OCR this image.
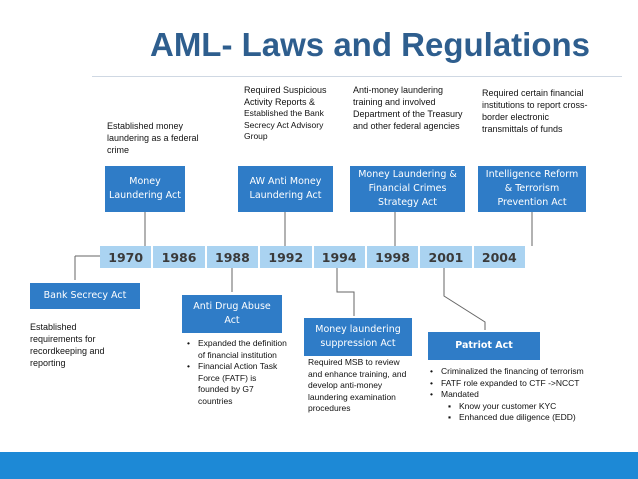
AML- Laws and Regulations
Money Laundering Act
AW Anti Money Laundering Act
Money Laundering & Financial Crimes Strategy Act
Intelligence Reform & Terrorism Prevention Act
Established money laundering as a federal crime
Required Suspicious Activity Reports &
Established the Bank Secrecy Act Advisory Group
Anti-money laundering training and involved Department of the Treasury and other federal agencies
Required certain financial institutions to report cross-border electronic transmittals of funds
1970	1986	1988	1992	1994	1998	2001	2004
Bank Secrecy Act
Anti Drug Abuse Act
Money laundering suppression Act	Patriot Act
Established requirements for recordkeeping and reporting
• Expanded the definition of financial institution
• Financial Action Task Force (FATF) is founded by G7 countries
Required MSB to review and enhance training, and develop anti-money laundering examination procedures
• Criminalized the financing of terrorism
• FATF role expanded to CTF ->NCCT
• Mandated
▪ Know your customer KYC
▪ Enhanced due diligence (EDD)
